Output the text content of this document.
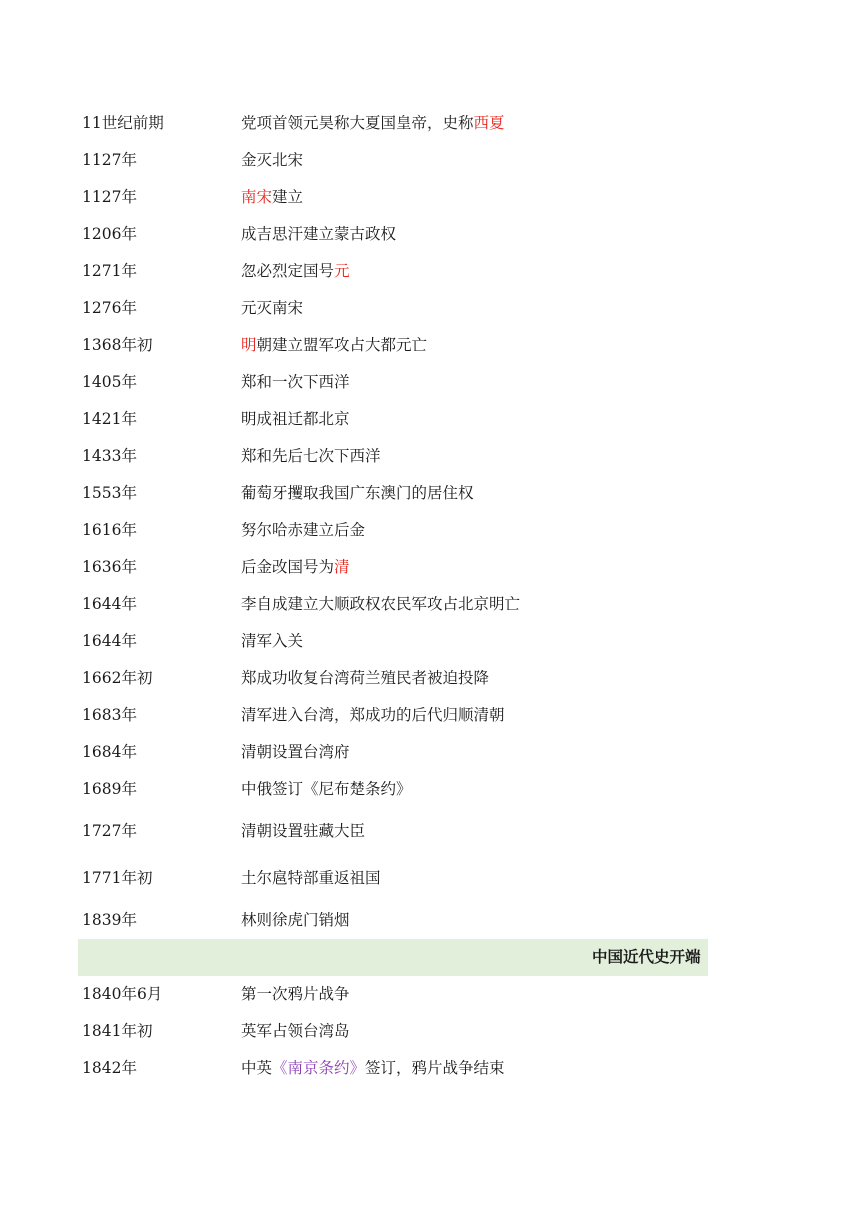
11世纪前期	党项首领元昊称大夏国皇帝，史称西夏
1127年	金灭北宋
1127年	南宋建立
1206年	成吉思汗建立蒙古政权
1271年	忽必烈定国号元
1276年	元灭南宋
1368年初	明朝建立盟军攻占大都元亡
1405年	郑和一次下西洋
1421年	明成祖迁都北京
1433年	郑和先后七次下西洋
1553年	葡萄牙攫取我国广东澳门的居住权
1616年	努尔哈赤建立后金
1636年	后金改国号为清
1644年	李自成建立大顺政权农民军攻占北京明亡
1644年	清军入关
1662年初	郑成功收复台湾荷兰殖民者被迫投降
1683年	清军进入台湾，郑成功的后代归顺清朝
1684年	清朝设置台湾府
1689年	中俄签订《尼布楚条约》
1727年	清朝设置驻藏大臣
1771年初	土尔扈特部重返祖国
1839年	林则徐虎门销烟
中国近代史开端
1840年6月	第一次鸦片战争
1841年初	英军占领台湾岛
1842年	中英《南京条约》签订，鸦片战争结束
